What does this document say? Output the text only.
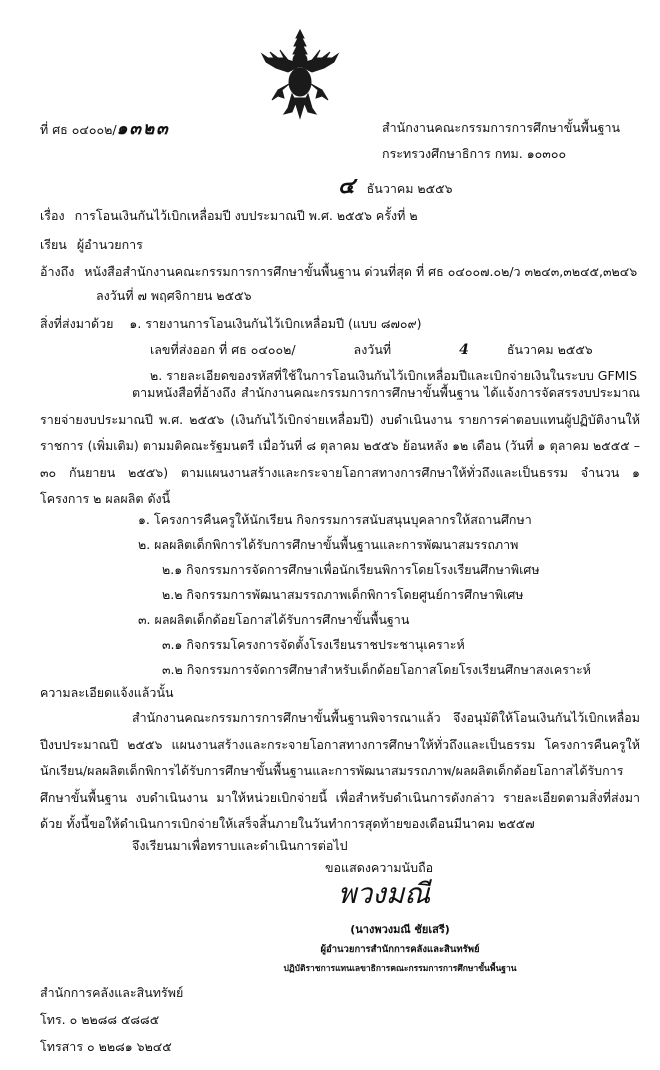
ที่ ศธ ๐๔๐๐๒/๑๓๒๓	สำนักงานคณะกรรมการการศึกษาขั้นพื้นฐาน
กระทรวงศึกษาธิการ กทม. ๑๐๓๐๐
๔ ธันวาคม ๒๕๕๖
เรื่อง การโอนเงินกันไว้เบิกเหลื่อมปี งบประมาณปี พ.ศ. ๒๕๕๖ ครั้งที่ ๒
เรียน ผู้อำนวยการ
อ้างถึง หนังสือสำนักงานคณะกรรมการการศึกษาขั้นพื้นฐาน ด่วนที่สุด ที่ ศธ ๐๔๐๐๗.๐๒/ว ๓๒๔๓,๓๒๔๕,๓๒๔๖
ลงวันที่ ๗ พฤศจิกายน ๒๕๕๖
สิ่งที่ส่งมาด้วย ๑. รายงานการโอนเงินกันไว้เบิกเหลื่อมปี (แบบ ๘๗๐๙)
เลขที่ส่งออก ที่ ศธ ๐๔๐๐๒/	ลงวันที่	4	ธันวาคม ๒๕๕๖
๒. รายละเอียดของรหัสที่ใช้ในการโอนเงินกันไว้เบิกเหลื่อมปีและเบิกจ่ายเงินในระบบ GFMIS
ตามหนังสือที่อ้างถึง สำนักงานคณะกรรมการการศึกษาขั้นพื้นฐาน ได้แจ้งการจัดสรรงบประมาณรายจ่ายงบประมาณปี พ.ศ. ๒๕๕๖ (เงินกันไว้เบิกจ่ายเหลื่อมปี) งบดำเนินงาน รายการค่าตอบแทนผู้ปฏิบัติงานให้ราชการ (เพิ่มเติม) ตามมติคณะรัฐมนตรี เมื่อวันที่ ๘ ตุลาคม ๒๕๕๖ ย้อนหลัง ๑๒ เดือน (วันที่ ๑ ตุลาคม ๒๕๕๕ – ๓๐ กันยายน ๒๕๕๖) ตามแผนงานสร้างและกระจายโอกาสทางการศึกษาให้ทั่วถึงและเป็นธรรม จำนวน ๑ โครงการ ๒ ผลผลิต ดังนี้
๑. โครงการคืนครูให้นักเรียน กิจกรรมการสนับสนุนบุคลากรให้สถานศึกษา
๒. ผลผลิตเด็กพิการได้รับการศึกษาขั้นพื้นฐานและการพัฒนาสมรรถภาพ
๒.๑ กิจกรรมการจัดการศึกษาเพื่อนักเรียนพิการโดยโรงเรียนศึกษาพิเศษ
๒.๒ กิจกรรมการพัฒนาสมรรถภาพเด็กพิการโดยศูนย์การศึกษาพิเศษ
๓. ผลผลิตเด็กด้อยโอกาสได้รับการศึกษาขั้นพื้นฐาน
๓.๑ กิจกรรมโครงการจัดตั้งโรงเรียนราชประชานุเคราะห์
๓.๒ กิจกรรมการจัดการศึกษาสำหรับเด็กด้อยโอกาสโดยโรงเรียนศึกษาสงเคราะห์
ความละเอียดแจ้งแล้วนั้น
สำนักงานคณะกรรมการการศึกษาขั้นพื้นฐานพิจารณาแล้ว จึงอนุมัติให้โอนเงินกันไว้เบิกเหลื่อมปีงบประมาณปี ๒๕๕๖ แผนงานสร้างและกระจายโอกาสทางการศึกษาให้ทั่วถึงและเป็นธรรม โครงการคืนครูให้นักเรียน/ผลผลิตเด็กพิการได้รับการศึกษาขั้นพื้นฐานและการพัฒนาสมรรถภาพ/ผลผลิตเด็กด้อยโอกาสได้รับการศึกษาขั้นพื้นฐาน งบดำเนินงาน มาให้หน่วยเบิกจ่ายนี้ เพื่อสำหรับดำเนินการดังกล่าว รายละเอียดตามสิ่งที่ส่งมาด้วย ทั้งนี้ขอให้ดำเนินการเบิกจ่ายให้เสร็จสิ้นภายในวันทำการสุดท้ายของเดือนมีนาคม ๒๕๕๗
จึงเรียนมาเพื่อทราบและดำเนินการต่อไป
ขอแสดงความนับถือ
พวงมณี
(นางพวงมณี ชัยเสรี)
ผู้อำนวยการสำนักการคลังและสินทรัพย์
ปฏิบัติราชการแทนเลขาธิการคณะกรรมการการศึกษาขั้นพื้นฐาน
สำนักการคลังและสินทรัพย์
โทร. ๐ ๒๒๘๘ ๕๘๘๕
โทรสาร ๐ ๒๒๘๑ ๖๒๔๕
